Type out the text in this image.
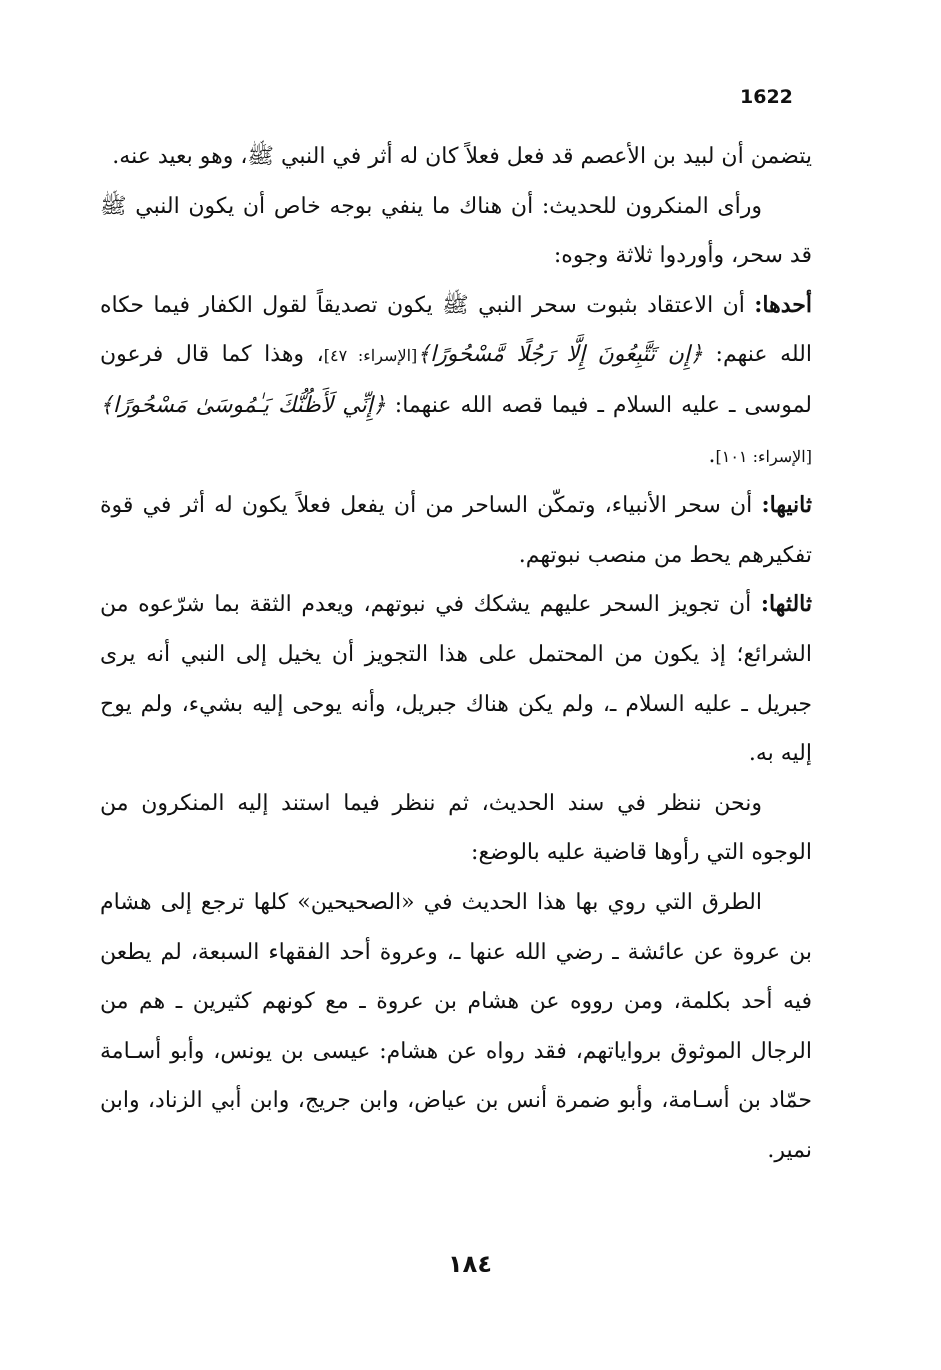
1622

يتضمن أن لبيد بن الأعصم قد فعل فعلاً كان له أثر في النبي ﷺ، وهو بعيد عنه.

ورأى المنكرون للحديث: أن هناك ما ينفي بوجه خاص أن يكون النبي ﷺ قد سحر، وأوردوا ثلاثة وجوه:

أحدها: أن الاعتقاد بثبوت سحر النبي ﷺ يكون تصديقاً لقول الكفار فيما حكاه الله عنهم: ﴿إِن تَتَّبِعُونَ إِلَّا رَجُلًا مَّسْحُورًا﴾[الإسراء: ٤٧]، وهذا كما قال فرعون لموسى ـ عليه السلام ـ فيما قصه الله عنهما: ﴿إِنِّي لَأَظُنُّكَ يَـٰمُوسَىٰ مَسْحُورًا﴾[الإسراء: ١٠١].

ثانيها: أن سحر الأنبياء، وتمكّن الساحر من أن يفعل فعلاً يكون له أثر في قوة تفكيرهم يحط من منصب نبوتهم.

ثالثها: أن تجويز السحر عليهم يشكك في نبوتهم، ويعدم الثقة بما شرّعوه من الشرائع؛ إذ يكون من المحتمل على هذا التجويز أن يخيل إلى النبي أنه يرى جبريل ـ عليه السلام ـ، ولم يكن هناك جبريل، وأنه يوحى إليه بشيء، ولم يوح إليه به.

ونحن ننظر في سند الحديث، ثم ننظر فيما استند إليه المنكرون من الوجوه التي رأوها قاضية عليه بالوضع:

الطرق التي روي بها هذا الحديث في «الصحيحين» كلها ترجع إلى هشام بن عروة عن عائشة ـ رضي الله عنها ـ، وعروة أحد الفقهاء السبعة، لم يطعن فيه أحد بكلمة، ومن رووه عن هشام بن عروة ـ مع كونهم كثيرين ـ هم من الرجال الموثوق برواياتهم، فقد رواه عن هشام: عيسى بن يونس، وأبو أسـامة حمّاد بن أسـامة، وأبو ضمرة أنس بن عياض، وابن جريج، وابن أبي الزناد، وابن نمير.

١٨٤
